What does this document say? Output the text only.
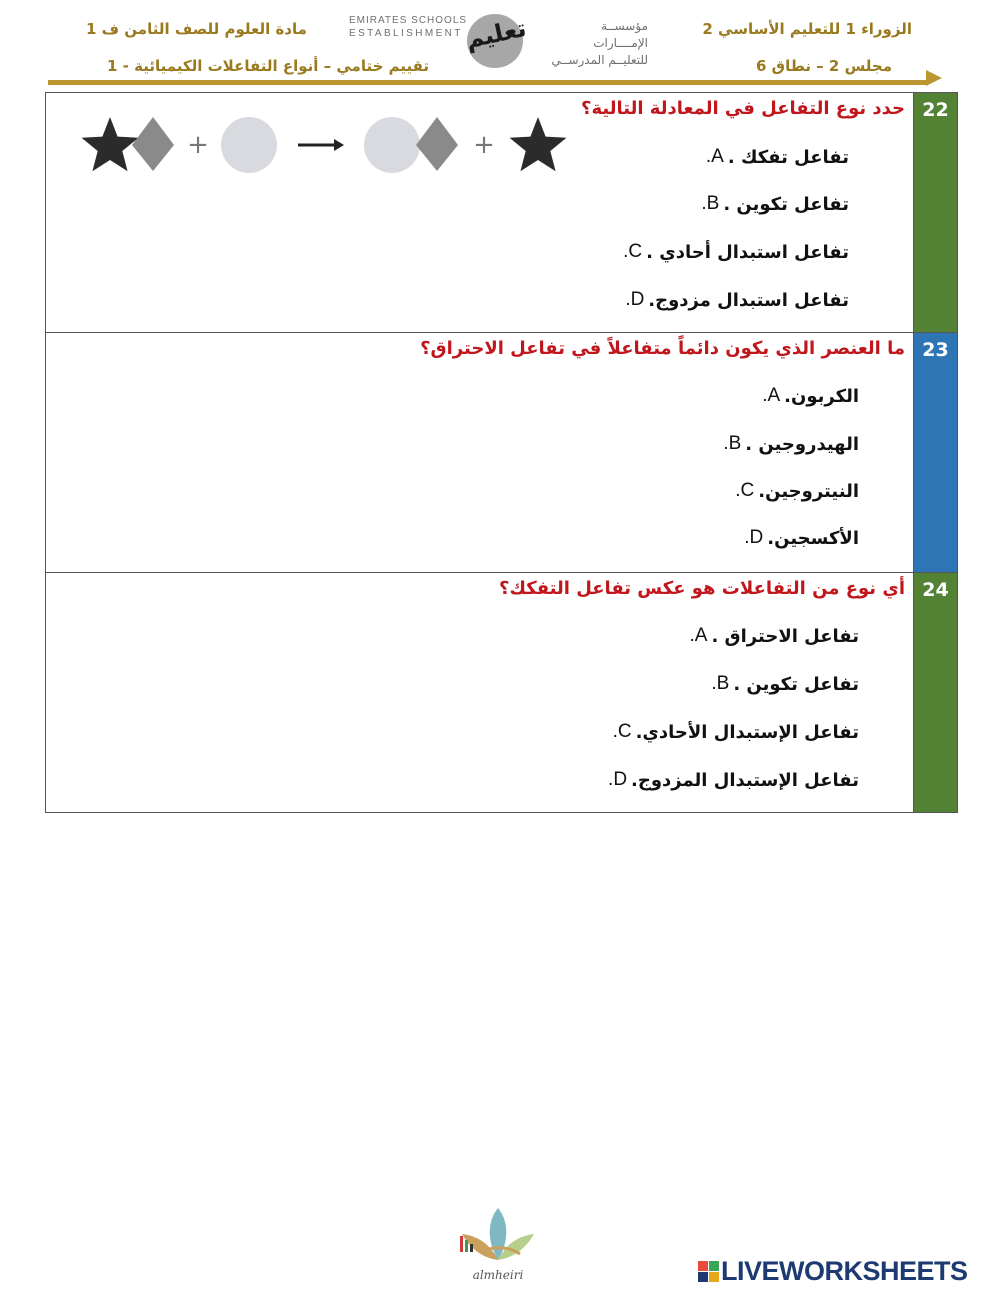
الزوراء 1 للتعليم الأساسي 2
مجلس 2 – نطاق 6
مادة العلوم للصف الثامن ف 1
تقييم ختامي – أنواع التفاعلات الكيميائية - 1
EMIRATES SCHOOLS
ESTABLISHMENT تعليم	مؤسســة الإمــــارات
للتعليــم المدرســي
22
حدد نوع التفاعل في المعادلة التالية؟
+	+	تفاعل تفكك .
A.
تفاعل تكوين .
B.
تفاعل استبدال أحادي .
C.
تفاعل استبدال مزدوج.
D.
23
ما العنصر الذي يكون دائماً متفاعلاً في تفاعل الاحتراق؟
الكربون.
A.
الهيدروجين .
B.
النيتروجين.
C.
الأكسجين.
D.
24
أي نوع من التفاعلات هو عكس تفاعل التفكك؟
تفاعل الاحتراق .
A.
تفاعل تكوين .
B.
تفاعل الإستبدال الأحادي.
C.
تفاعل الإستبدال المزدوج.
D.
almheiri	LIVEWORKSHEETS
